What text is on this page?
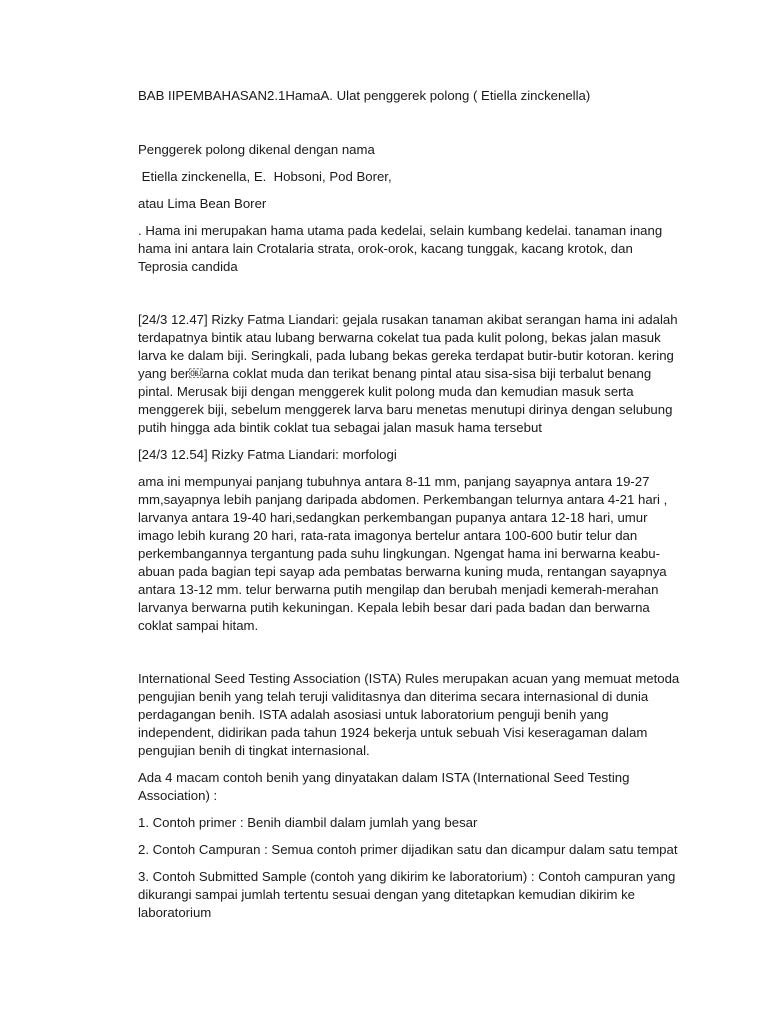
BAB IIPEMBAHASAN2.1HamaA. Ulat penggerek polong ( Etiella zinckenella)

Penggerek polong dikenal dengan nama

Etiella zinckenella, E.  Hobsoni, Pod Borer,

atau Lima Bean Borer

. Hama ini merupakan hama utama pada kedelai, selain kumbang kedelai. tanaman inang hama ini antara lain Crotalaria strata, orok-orok, kacang tunggak, kacang krotok, dan Teprosia candida

[24/3 12.47] Rizky Fatma Liandari: gejala rusakan tanaman akibat serangan hama ini adalah terdapatnya bintik atau lubang berwarna cokelat tua pada kulit polong, bekas jalan masuk larva ke dalam biji. Seringkali, pada lubang bekas gereka terdapat butir-butir kotoran. kering yang ber￼arna coklat muda dan terikat benang pintal atau sisa-sisa biji terbalut benang pintal. Merusak biji dengan menggerek kulit polong muda dan kemudian masuk serta menggerek biji, sebelum menggerek larva baru menetas menutupi dirinya dengan selubung putih hingga ada bintik coklat tua sebagai jalan masuk hama tersebut

[24/3 12.54] Rizky Fatma Liandari: morfologi

ama ini mempunyai panjang tubuhnya antara 8-11 mm, panjang sayapnya antara 19-27 mm,sayapnya lebih panjang daripada abdomen. Perkembangan telurnya antara 4-21 hari , larvanya antara 19-40 hari,sedangkan perkembangan pupanya antara 12-18 hari, umur imago lebih kurang 20 hari, rata-rata imagonya bertelur antara 100-600 butir telur dan perkembangannya tergantung pada suhu lingkungan. Ngengat hama ini berwarna keabu-abuan pada bagian tepi sayap ada pembatas berwarna kuning muda, rentangan sayapnya antara 13-12 mm. telur berwarna putih mengilap dan berubah menjadi kemerah-merahan larvanya berwarna putih kekuningan. Kepala lebih besar dari pada badan dan berwarna coklat sampai hitam.

International Seed Testing Association (ISTA) Rules merupakan acuan yang memuat metoda pengujian benih yang telah teruji validitasnya dan diterima secara internasional di dunia perdagangan benih. ISTA adalah asosiasi untuk laboratorium penguji benih yang independent, didirikan pada tahun 1924 bekerja untuk sebuah Visi keseragaman dalam pengujian benih di tingkat internasional.

Ada 4 macam contoh benih yang dinyatakan dalam ISTA (International Seed Testing Association) :

1. Contoh primer : Benih diambil dalam jumlah yang besar

2. Contoh Campuran : Semua contoh primer dijadikan satu dan dicampur dalam satu tempat

3. Contoh Submitted Sample (contoh yang dikirim ke laboratorium) : Contoh campuran yang dikurangi sampai jumlah tertentu sesuai dengan yang ditetapkan kemudian dikirim ke laboratorium
